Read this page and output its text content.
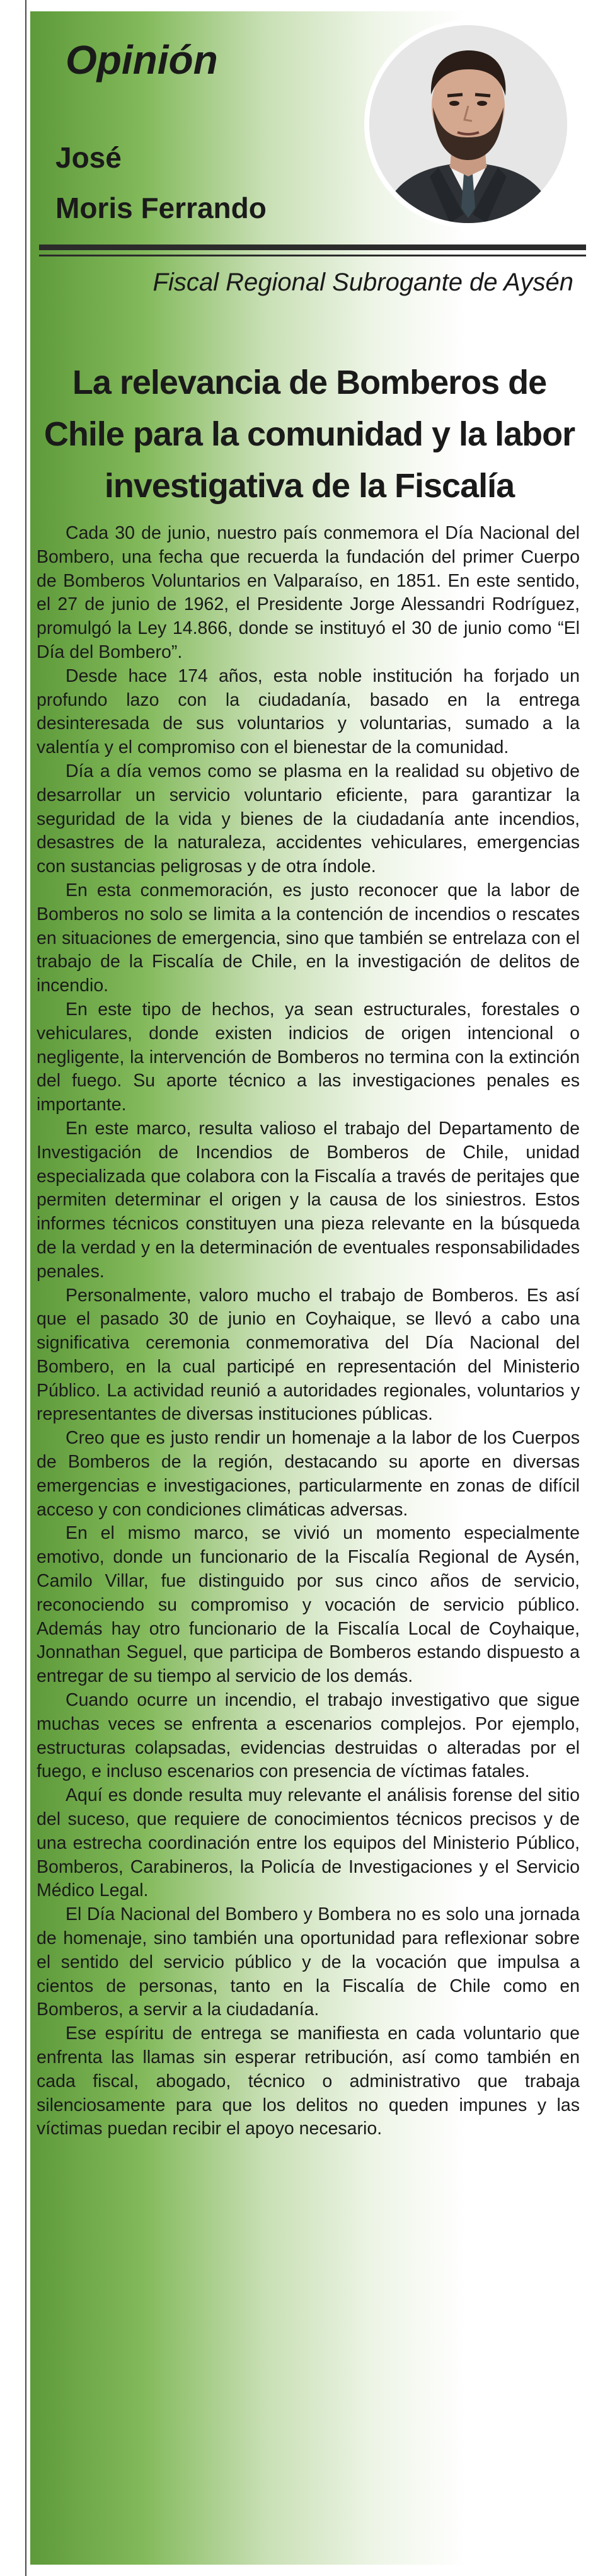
Opinión
José
Moris Ferrando
Fiscal Regional Subrogante de Aysén
La relevancia de Bomberos de Chile para la comunidad y la labor investigativa de la Fiscalía

Cada 30 de junio, nuestro país conmemora el Día Nacional del Bombero, una fecha que recuerda la fundación del primer Cuerpo de Bomberos Voluntarios en Valparaíso, en 1851. En este sentido, el 27 de junio de 1962, el Presidente Jorge Alessandri Rodríguez, promulgó la Ley 14.866, donde se instituyó el 30 de junio como “El Día del Bombero”.

Desde hace 174 años, esta noble institución ha forjado un profundo lazo con la ciudadanía, basado en la entrega desinteresada de sus voluntarios y voluntarias, sumado a la valentía y el compromiso con el bienestar de la comunidad.

Día a día vemos como se plasma en la realidad su objetivo de desarrollar un servicio voluntario eficiente, para garantizar la seguridad de la vida y bienes de la ciudadanía ante incendios, desastres de la naturaleza, accidentes vehiculares, emergencias con sustancias peligrosas y de otra índole.

En esta conmemoración, es justo reconocer que la labor de Bomberos no solo se limita a la contención de incendios o rescates en situaciones de emergencia, sino que también se entrelaza con el trabajo de la Fiscalía de Chile, en la investigación de delitos de incendio.

En este tipo de hechos, ya sean estructurales, forestales o vehiculares, donde existen indicios de origen intencional o negligente, la intervención de Bomberos no termina con la extinción del fuego. Su aporte técnico a las investigaciones penales es importante.

En este marco, resulta valioso el trabajo del Departamento de Investigación de Incendios de Bomberos de Chile, unidad especializada que colabora con la Fiscalía a través de peritajes que permiten determinar el origen y la causa de los siniestros. Estos informes técnicos constituyen una pieza relevante en la búsqueda de la verdad y en la determinación de eventuales responsabilidades penales.

Personalmente, valoro mucho el trabajo de Bomberos. Es así que el pasado 30 de junio en Coyhaique, se llevó a cabo una significativa ceremonia conmemorativa del Día Nacional del Bombero, en la cual participé en representación del Ministerio Público. La actividad reunió a autoridades regionales, voluntarios y representantes de diversas instituciones públicas.

Creo que es justo rendir un homenaje a la labor de los Cuerpos de Bomberos de la región, destacando su aporte en diversas emergencias e investigaciones, particularmente en zonas de difícil acceso y con condiciones climáticas adversas.

En el mismo marco, se vivió un momento especialmente emotivo, donde un funcionario de la Fiscalía Regional de Aysén, Camilo Villar, fue distinguido por sus cinco años de servicio, reconociendo su compromiso y vocación de servicio público. Además hay otro funcionario de la Fiscalía Local de Coyhaique, Jonnathan Seguel, que participa de Bomberos estando dispuesto a entregar de su tiempo al servicio de los demás.

Cuando ocurre un incendio, el trabajo investigativo que sigue muchas veces se enfrenta a escenarios complejos. Por ejemplo, estructuras colapsadas, evidencias destruidas o alteradas por el fuego, e incluso escenarios con presencia de víctimas fatales.

Aquí es donde resulta muy relevante el análisis forense del sitio del suceso, que requiere de conocimientos técnicos precisos y de una estrecha coordinación entre los equipos del Ministerio Público, Bomberos, Carabineros, la Policía de Investigaciones y el Servicio Médico Legal.

El Día Nacional del Bombero y Bombera no es solo una jornada de homenaje, sino también una oportunidad para reflexionar sobre el sentido del servicio público y de la vocación que impulsa a cientos de personas, tanto en la Fiscalía de Chile como en Bomberos, a servir a la ciudadanía.

Ese espíritu de entrega se manifiesta en cada voluntario que enfrenta las llamas sin esperar retribución, así como también en cada fiscal, abogado, técnico o administrativo que trabaja silenciosamente para que los delitos no queden impunes y las víctimas puedan recibir el apoyo necesario.
